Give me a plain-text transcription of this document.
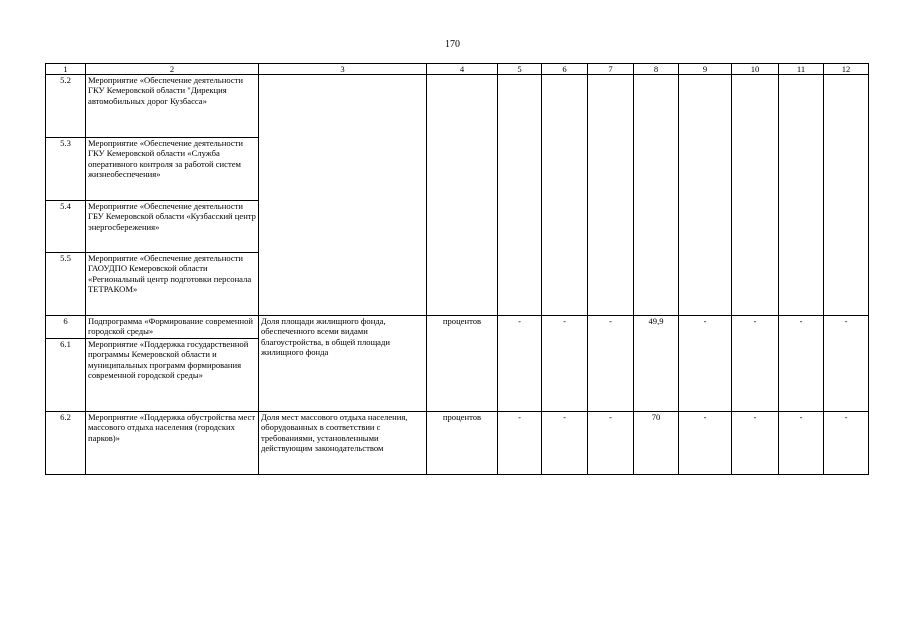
170
1	2	3	4	5	6	7	8	9	10	11	12
5.2	Мероприятие «Обеспечение деятельности ГКУ Кемеровской области "Дирекция автомобильных дорог Кузбасса»										
5.3	Мероприятие «Обеспечение деятельности ГКУ Кемеровской области «Служба оперативного контроля за работой систем жизнеобеспечения»										
5.4	Мероприятие «Обеспечение деятельности ГБУ Кемеровской области «Кузбасский центр энергосбережения»										
5.5	Мероприятие «Обеспечение деятельности ГАОУДПО Кемеровской области «Региональный центр подготовки персонала ТЕТРАКОМ»										
6	Подпрограмма «Формирование современной городской среды»	Доля площади жилищного фонда, обеспеченного всеми видами благоустройства, в общей площади жилищного фонда	процентов	-	-	-	49,9	-	-	-	-
6.1	Мероприятие «Поддержка государственной программы Кемеровской области и муниципальных программ формирования современной городской среды»										
6.2	Мероприятие «Поддержка обустройства мест массового отдыха населения (городских парков)»	Доля мест массового отдыха населения, оборудованных в соответствии с требованиями, установленными действующим законодательством	процентов	-	-	-	70	-	-	-	-
